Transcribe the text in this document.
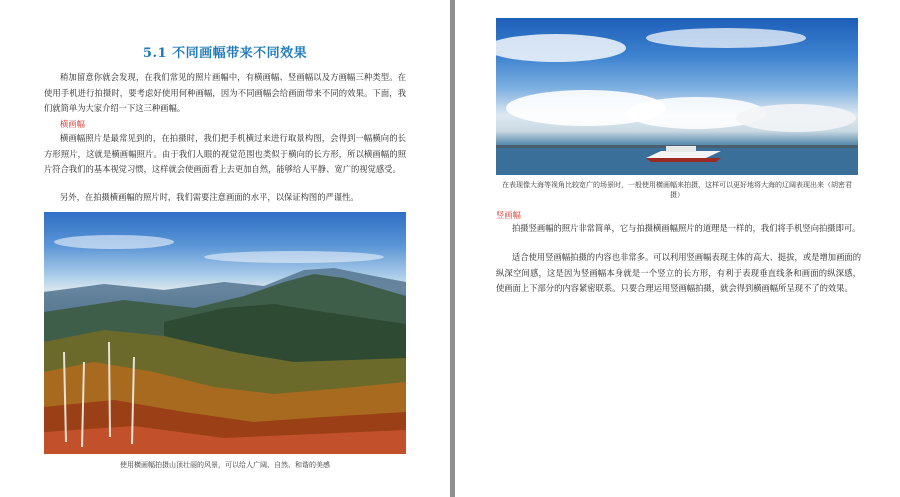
5.1 不同画幅带来不同效果

稍加留意你就会发现，在我们常见的照片画幅中，有横画幅、竖画幅以及方画幅三种类型。在使用手机进行拍摄时，要考虑好使用何种画幅，因为不同画幅会给画面带来不同的效果。下面，我们就简单为大家介绍一下这三种画幅。

横画幅

横画幅照片是最常见到的，在拍摄时，我们把手机横过来进行取景构图，会得到一幅横向的长方形照片，这就是横画幅照片。由于我们人眼的视觉范围也类似于横向的长方形，所以横画幅的照片符合我们的基本视觉习惯，这样就会使画面看上去更加自然，能够给人平静、宽广的视觉感受。

另外，在拍摄横画幅的照片时，我们需要注意画面的水平，以保证构图的严谨性。

使用横画幅拍摄山顶壮丽的风景，可以给人广阔、自然、和谐的美感
在表现像大海等视角比较宽广的场景时，一般使用横画幅来拍摄，这样可以更好地将大海的辽阔表现出来（胡密君 摄）
竖画幅

拍摄竖画幅的照片非常简单，它与拍摄横画幅照片的道理是一样的，我们将手机竖向拍摄即可。

适合使用竖画幅拍摄的内容也非常多。可以利用竖画幅表现主体的高大、挺拔，或是增加画面的纵深空间感，这是因为竖画幅本身就是一个竖立的长方形，有利于表现垂直线条和画面的纵深感，使画面上下部分的内容紧密联系。只要合理运用竖画幅拍摄，就会得到横画幅所呈现不了的效果。
